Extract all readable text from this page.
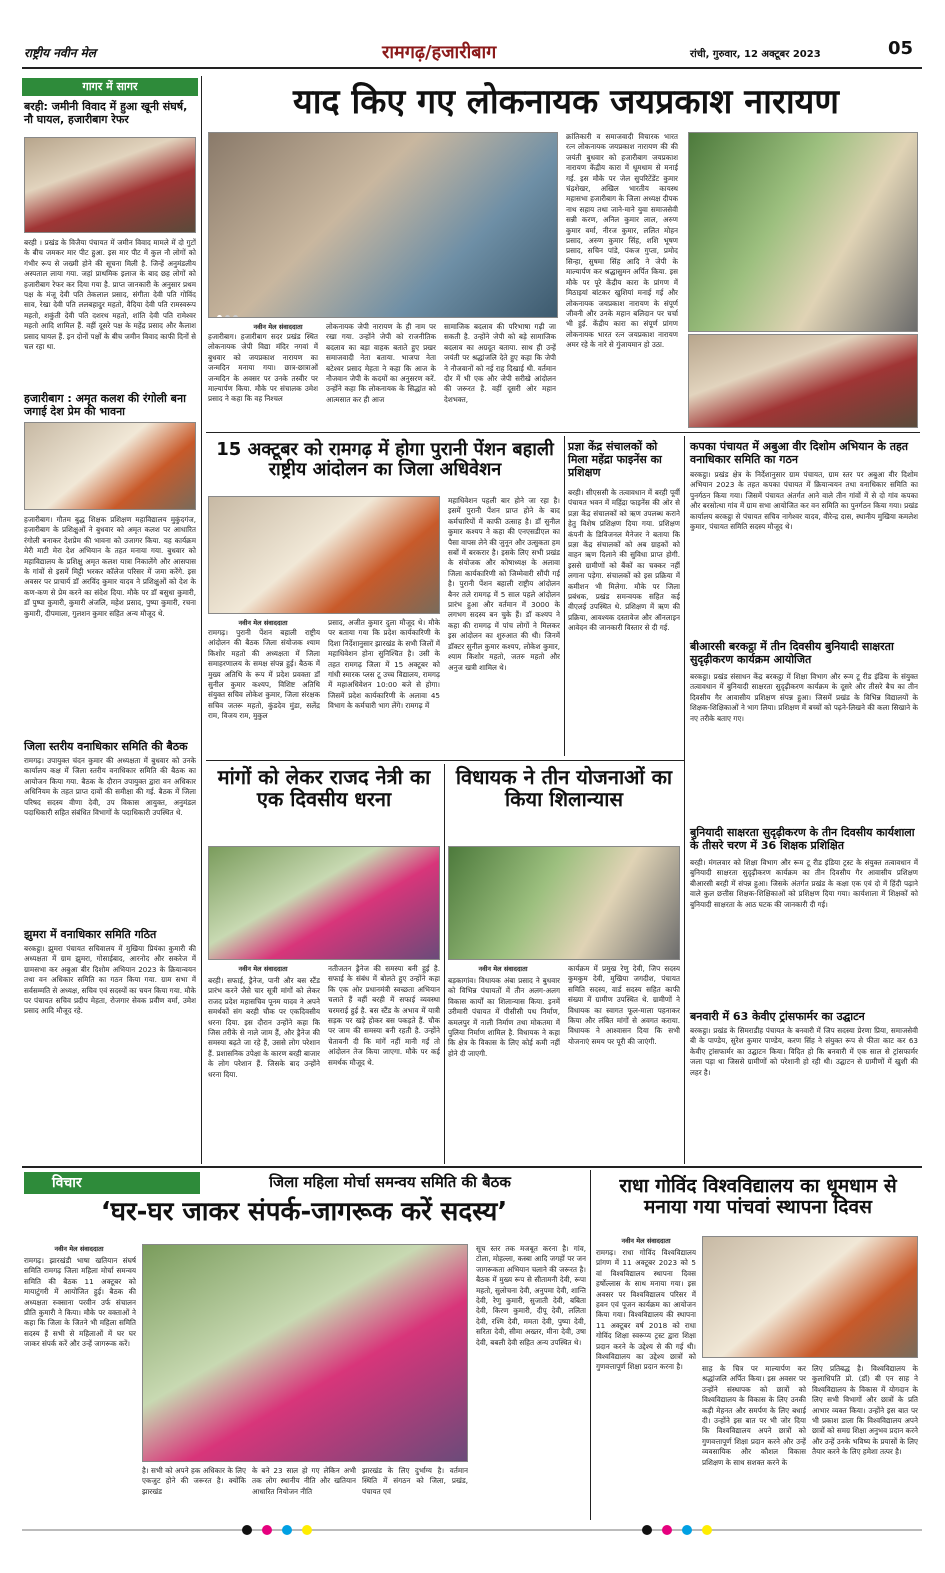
राष्ट्रीय नवीन मेल	रामगढ़/हजारीबाग	रांची, गुरुवार, 12 अक्टूबर 2023	05
गागर में सागर
बरही: जमीनी विवाद में हुआ खूनी संघर्ष, नौ घायल, हजारीबाग रेफर
बरही । प्रखंड के विजैया पंचायत में जमीन विवाद मामले में दो गुटों के बीच जमकर मार पीट हुआ. इस मार पीट में कुल नौ लोगों को गंभीर रूप से जख्मी होने की सूचना मिली है. जिन्हें अनुमंडलीय अस्पताल लाया गया. जहां प्राथमिक इलाज के बाद छह लोगों को हजारीबाग रेफर कर दिया गया है. प्राप्त जानकारी के अनुसार प्रथम पक्ष के मंजू देवी पति तेकलाल प्रसाद, संगीता देवी पति गोविंद साव, रेखा देवी पति ललबहादुर महतो, वैदिया देवी पति रामस्वरूप महतो, शकुंती देवी पति दशरथ महतो, शांति देवी पति रामेश्वर महतो आदि शामिल हैं. वहीं दूसरे पक्ष के महेंद्र प्रसाद और कैलाश प्रसाद घायल हैं. इन दोनों पक्षों के बीच जमीन विवाद काफी दिनों से चल रहा था.
हजारीबाग : अमृत कलश की रंगोली बना जगाई देश प्रेम की भावना
हजारीबाग। गौतम बुद्ध शिक्षक प्रशिक्षण महाविद्यालय मुकुंदगंज, हजारीबाग के प्रशिक्षुओं ने बुधवार को अमृत कलश पर आधारित रंगोली बनाकर देशप्रेम की भावना को उजागर किया. यह कार्यक्रम मेरी माटी मेरा देश अभियान के तहत मनाया गया. बुधवार को महाविद्यालय के प्रशिक्षु अमृत कलश यात्रा निकालेंगे और आसपास के गांवों से इसमें मिट्टी भरकर कॉलेज परिसर में जमा करेंगे. इस अवसर पर प्राचार्य डॉ अरविंद कुमार यादव ने प्रशिक्षुओं को देश के कण-कण से प्रेम करने का संदेश दिया. मौके पर डॉ बसुधा कुमारी, डॉ पुष्पा कुमारी, कुमारी अंजलि, महेश प्रसाद, पुष्पा कुमारी, रचना कुमारी, दीपमाला, गुलशन कुमार सहित अन्य मौजूद थे.
जिला स्तरीय वनाधिकार समिति की बैठक
रामगढ़। उपायुक्त चंदन कुमार की अध्यक्षता में बुधवार को उनके कार्यालय कक्ष में जिला स्तरीय वनाधिकार समिति की बैठक का आयोजन किया गया. बैठक के दौरान उपायुक्त द्वारा वन अधिकार अधिनियम के तहत प्राप्त दावों की समीक्षा की गई. बैठक में जिला परिषद सदस्य वीणा देवी, उप विकास आयुक्त, अनुमंडल पदाधिकारी सहित संबंधित विभागों के पदाधिकारी उपस्थित थे.
झुमरा में वनाधिकार समिति गठित
बरकट्ठा। झुमरा पंचायत सचिवालय में मुखिया प्रियंका कुमारी की अध्यक्षता में ग्राम झुमरा, गोसाईबाद, आरनोद और सकरेज में ग्रामसभा कर अबुआ बीर दिशोम अभियान 2023 के क्रियान्वयन तथा वन अधिकार समिति का गठन किया गया. ग्राम सभा में सर्वसम्मति से अध्यक्ष, सचिव एवं सदस्यों का चयन किया गया. मौके पर पंचायत सचिव प्रदीप मेहता, रोजगार सेवक प्रवीण वर्मा, उमेश प्रसाद आदि मौजूद रहे.
याद किए गए लोकनायक जयप्रकाश नारायण
नवीन मेल संवाददाता
हजारीबाग। हजारीबाग सदर प्रखंड स्थित लोकनायक जेपी विद्या मंदिर नगवां में बुधवार को जयप्रकाश नारायण का जन्मदिन मनाया गया। छात्र-छात्राओं जन्मदिन के अवसर पर उनके तस्वीर पर माल्यार्पण किया. मौके पर संचालक उमेश प्रसाद ने कहा कि वह निश्चल
लोकनायक जेपी नारायण के ही नाम पर रखा गया. उन्होंने जेपी को राजनीतिक बदलाव का बड़ा वाहक बताते हुए प्रखर समाजवादी नेता बताया. भाजपा नेता बटेश्वर प्रसाद मेहता ने कहा कि आज के नौजवान जेपी के कदमों का अनुसरण करें. उन्होंने कहा कि लोकनायक के सिद्धांत को आत्मसात कर ही आज
सामाजिक बदलाव की परिभाषा गढ़ी जा सकती है. उन्होंने जेपी को बड़े सामाजिक बदलाव का अग्रदूत बताया. साथ ही उन्हें जयंती पर श्रद्धांजलि देते हुए कहा कि जेपी ने नौजवानों को नई राह दिखाई थी. वर्तमान दौर में भी एक और जेपी सरीखे आंदोलन की जरूरत है. वहीं दूसरी ओर महान देशभक्त,
क्रांतिकारी व समाजवादी विचारक भारत रत्न लोकनायक जयप्रकाश नारायण की की जयंती बुधवार को हजारीबाग जयप्रकाश नारायण केंद्रीय कारा में धूमधाम से मनाई गई. इस मौके पर जेल सुपरिटेंडेंट कुमार चंद्रशेखर, अखिल भारतीय कायस्थ महासभा हजारीबाग के जिला अध्यक्ष दीपक नाथ सहाय तथा जाने-माने युवा समाजसेवी सन्नी करण, अनिल कुमार लाल, अरुण कुमार वर्मा, नीरज कुमार, ललित मोहन प्रसाद, अरुण कुमार सिंह, शशि भूषण प्रसाद, सचिन पांडे, पंकज गुप्ता, प्रमोद सिन्हा, सुषमा सिंह आदि ने जेपी के माल्यार्पण कर श्रद्धासुमन अर्पित किया. इस मौके पर पूरे केंद्रीय कारा के प्रांगण में मिठाइयां बांटकर खुशियां मनाई गई और लोकनायक जयप्रकाश नारायण के संपूर्ण जीवनी और उनके महान बलिदान पर चर्चा भी हुई. केंद्रीय कारा का संपूर्ण प्रांगण लोकनायक भारत रत्न जयप्रकाश नारायण अमर रहे के नारे से गुंजायमान हो उठा.
15 अक्टूबर को रामगढ़ में होगा पुरानी पेंशन बहाली राष्ट्रीय आंदोलन का जिला अधिवेशन
नवीन मेल संवाददाता
रामगढ़। पुरानी पेंशन बहाली राष्ट्रीय आंदोलन की बैठक जिला संयोजक श्याम किशोर महतो की अध्यक्षता में जिला समाहरणालय के समक्ष संपन्न हुई। बैठक में मुख्य अतिथि के रूप में प्रदेश प्रवक्ता डॉ सुनील कुमार कश्यप, विशिष्ट अतिथि संयुक्त सचिव लोकेश कुमार, जिला संरक्षक सचिव जतरू महतो, कुंडदेव मुंडा, सलेंद्र राम, विजय राम, मुकुल
प्रसाद, अजीत कुमार दुला मौजूद थे। मौके पर बताया गया कि प्रदेश कार्यकारिणी के दिशा निर्देशानुसार झारखंड के सभी जिलों में महाधिवेशन होना सुनिश्चित है। उसी के तहत रामगढ़ जिला में 15 अक्टूबर को गांधी स्मारक प्लस टू उच्च विद्यालय, रामगढ़ में महाअधिवेशन 10:00 बजे से होगा। जिसमें प्रदेश कार्यकारिणी के अलावा 45 विभाग के कर्मचारी भाग लेंगे। रामगढ़ में
महाधिवेशन पहली बार होने जा रहा है। इसमें पुरानी पेंशन प्राप्त होने के बाद कर्मचारियों में काफी उत्साह है। डॉ सुनील कुमार कश्यप ने कहा की एनएसडीएल का पैसा वापस लेने की जुनून और उत्सुकता हम सबों में बरकरार है। इसके लिए सभी प्रखंड के संयोजक और कोषाध्यक्ष के अलावा जिला कार्यकारिणी को जिम्मेवारी सौंपी गई है। पुरानी पेंशन बहाली राष्ट्रीय आंदोलन बैनर तले रामगढ़ में 5 साल पहले आंदोलन प्रारंभ हुआ और वर्तमान में 3000 के लगभग सदस्य बन चुके हैं। डॉ कश्यप ने कहा की रामगढ़ में पांच लोगों ने मिलकर इस आंदोलन का शुरुआत की थी। जिनमें डॉक्टर सुनील कुमार कश्यप, लोकेश कुमार, श्याम किशोर महतो, जतरु महतो और अनुज खत्री शामिल थे।
प्रज्ञा केंद्र संचालकों को मिला महेंद्रा फाइनेंस का प्रशिक्षण
बरही। सीएससी के तत्वावधान में बरही पूर्वी पंचायत भवन में महिंद्रा फाइनेंस की ओर से प्रज्ञा केंद्र संचालकों को ऋण उपलब्ध कराने हेतु विशेष प्रशिक्षण दिया गया. प्रशिक्षण कंपनी के डिविजनल मैनेजर ने बताया कि प्रज्ञा केंद्र संचालकों को अब ग्राहकों को वाहन ऋण दिलाने की सुविधा प्राप्त होगी. इससे ग्रामीणों को बैंकों का चक्कर नहीं लगाना पड़ेगा. संचालकों को इस प्रक्रिया में कमीशन भी मिलेगा. मौके पर जिला प्रबंधक, प्रखंड समन्वयक सहित कई वीएलई उपस्थित थे. प्रशिक्षण में ऋण की प्रक्रिया, आवश्यक दस्तावेज और ऑनलाइन आवेदन की जानकारी विस्तार से दी गई.
मांगों को लेकर राजद नेत्री का एक दिवसीय धरना
नवीन मेल संवाददाता
बरही। सफाई, ड्रैनेज, पानी और बस स्टैंड प्रारंभ करने जैसे चार सूत्री मांगों को लेकर राजद प्रदेश महासचिव पूनम यादव ने अपने समर्थकों संग बरही चौक पर एकदिवसीय धरना दिया. इस दौरान उन्होंने कहा कि जिस तरीके से नाले जाम हैं, और ड्रैनेज की समस्या बढ़ते जा रहे हैं, उससे लोग परेशान हैं. प्रशासनिक उपेक्षा के कारण बरही बाजार के लोग परेशान हैं. जिसके बाद उन्होंने धरना दिया.
नतीजतन ड्रैनेज की समस्या बनी हुई है. सफाई के संबंध में बोलते हुए उन्होंने कहा कि एक ओर प्रधानमंत्री स्वच्छता अभियान चलाते हैं वहीं बरही में सफाई व्यवस्था चरमराई हुई है. बस स्टैंड के अभाव में यात्री सड़क पर खड़े होकर बस पकड़ते हैं. चौक पर जाम की समस्या बनी रहती है. उन्होंने चेतावनी दी कि मांगें नहीं मानी गईं तो आंदोलन तेज किया जाएगा. मौके पर कई समर्थक मौजूद थे.
विधायक ने तीन योजनाओं का किया शिलान्यास
नवीन मेल संवाददाता
बड़कागांव। विधायक अंबा प्रसाद ने बुधवार को विभिन्न पंचायतों में तीन अलग-अलग विकास कार्यों का शिलान्यास किया. इनमें उरीमारी पंचायत में पीसीसी पथ निर्माण, कमलपुर में नाली निर्माण तथा मोकतमा में पुलिया निर्माण शामिल है. विधायक ने कहा कि क्षेत्र के विकास के लिए कोई कमी नहीं होने दी जाएगी.
कार्यक्रम में प्रमुख रेणु देवी, जिप सदस्य कुमकुम देवी, मुखिया जगदीश, पंचायत समिति सदस्य, वार्ड सदस्य सहित काफी संख्या में ग्रामीण उपस्थित थे. ग्रामीणों ने विधायक का स्वागत फूल-माला पहनाकर किया और लंबित मांगों से अवगत कराया. विधायक ने आश्वासन दिया कि सभी योजनाएं समय पर पूरी की जाएंगी.
कपका पंचायत में अबुआ वीर दिशोम अभियान के तहत वनाधिकार समिति का गठन
बरकट्ठा। प्रखंड क्षेत्र के निर्देशानुसार ग्राम पंचायत, ग्राम स्तर पर अबुआ वीर दिशोम अभियान 2023 के तहत कपका पंचायत में क्रियान्वयन तथा वनाधिकार समिति का पुनर्गठन किया गया। जिसमें पंचायत अंतर्गत आने वाले तीन गांवों में से दो गांव कपका और बरसोत्था गांव में ग्राम सभा आयोजित कर वन समिति का पुनर्गठन किया गया। प्रखंड कार्यालय बरकट्ठा से पंचायत सचिव नागेश्वर यादव, वीरेन्द्र दास, स्थानीय मुखिया कमलेश कुमार, पंचायत समिति सदस्य मौजूद थे।
बीआरसी बरकट्ठा में तीन दिवसीय बुनियादी साक्षरता सुदृढ़ीकरण कार्यक्रम आयोजित
बरकट्ठा। प्रखंड संसाधन केंद्र बरकट्ठा में शिक्षा विभाग और रूम टू रीड इंडिया के संयुक्त तत्वावधान में बुनियादी साक्षरता सुदृढ़ीकरण कार्यक्रम के दूसरे और तीसरे बैच का तीन दिवसीय गैर आवासीय प्रशिक्षण संपन्न हुआ। जिसमें प्रखंड के विभिन्न विद्यालयों के शिक्षक-शिक्षिकाओं ने भाग लिया। प्रशिक्षण में बच्चों को पढ़ने-लिखने की कला सिखाने के नए तरीके बताए गए।
बुनियादी साक्षरता सुदृढ़ीकरण के तीन दिवसीय कार्यशाला के तीसरे चरण में 36 शिक्षक प्रशिक्षित
बरही। मंगलवार को शिक्षा विभाग और रूम टू रीड इंडिया ट्रस्ट के संयुक्त तत्वावधान में बुनियादी साक्षरता सुदृढ़ीकरण कार्यक्रम का तीन दिवसीय गैर आवासीय प्रशिक्षण बीआरसी बरही में संपन्न हुआ। जिसके अंतर्गत प्रखंड के कक्षा एक एवं दो में हिंदी पढ़ाने वाले कुल छत्तीस शिक्षक-शिक्षिकाओं को प्रशिक्षण दिया गया। कार्यशाला में शिक्षकों को बुनियादी साक्षरता के आठ घटक की जानकारी दी गई।
बनवारी में 63 केवीए ट्रांसफार्मर का उद्घाटन
बरकट्ठा। प्रखंड के सिमराडीह पंचायत के बनवारी में जिप सदस्या प्रेरणा प्रिया, समाजसेवी बी के पाण्डेय, सुरेश कुमार पाण्डेय, करण सिंह ने संयुक्त रूप से फीता काट कर 63 केवीए ट्रांसफार्मर का उद्घाटन किया। विदित हो कि बनवारी में एक साल से ट्रांसफार्मर जला पड़ा था जिससे ग्रामीणों को परेशानी हो रही थी। उद्घाटन से ग्रामीणों में खुशी की लहर है।
विचार	जिला महिला मोर्चा समन्वय समिति की बैठक
‘घर-घर जाकर संपर्क-जागरूक करें सदस्य’
नवीन मेल संवाददाता
रामगढ़। झारखंडी भाषा खतियान संघर्ष समिति रामगढ़ जिला महिला मोर्चा समन्वय समिति की बैठक 11 अक्टूबर को मायाटुंगरी में आयोजित हुई। बैठक की अध्यक्षता रुक्साना परवीन उर्फ संचालन प्रीति कुमारी ने किया। मौके पर वक्ताओं ने कहा कि जिला के जितने भी महिला समिति सदस्य हैं सभी से महिलाओं में घर घर जाकर संपर्क करें और उन्हें जागरूक करें।
सूच स्तर तक मजबूत करना है। गांव, टोला, मोहल्ला, कस्बा आदि जगहों पर जन जागरूकता अभियान चलाने की जरूरत है। बैठक में मुख्य रूप से सीतामनी देवी, रूपा महतो, सुलोचना देवी, अनुपमा देवी, शान्ति देवी, रेणु कुमारी, सुजाती देवी, बबिता देवी, किरण कुमारी, दीपू देवी, ललिता देवी, रश्मि देवी, ममता देवी, पुष्पा देवी, सरिता देवी, सीमा अख्तर, मीना देवी, उषा देवी, बबली देवी सहित अन्य उपस्थित थे।
है। सभी को अपने हक अधिकार के लिए एकजुट होने की जरूरत है। क्योंकि झारखंड
के बने 23 साल हो गए लेकिन अभी तक लोग स्थानीय नीति और खतियान आधारित नियोजन नीति
झारखंड के लिए दुर्भाग्य है। वर्तमान स्थिति में संगठन को जिला, प्रखंड, पंचायत एवं
राधा गोविंद विश्वविद्यालय का धूमधाम से मनाया गया पांचवां स्थापना दिवस
नवीन मेल संवाददाता
रामगढ़। राधा गोविंद विश्वविद्यालय प्रांगण में 11 अक्टूबर 2023 को 5 वां विश्वविद्यालय स्थापना दिवस हर्षोल्लास के साथ मनाया गया। इस अवसर पर विश्वविद्यालय परिसर में हवन एवं पूजन कार्यक्रम का आयोजन किया गया। विश्वविद्यालय की स्थापना 11 अक्टूबर वर्ष 2018 को राधा गोविंद शिक्षा स्वरूप्य ट्रस्ट द्वारा शिक्षा प्रदान करने के उद्देश्य से की गई थी। विश्वविद्यालय का उद्देश्य छात्रों को गुणवत्तापूर्ण शिक्षा प्रदान करना है।	साह के चित्र पर माल्यार्पण कर श्रद्धांजलि अर्पित किया। इस अवसर पर उन्होंने संस्थापक को छात्रों को विश्वविद्यालय के विकास के लिए उनकी कड़ी मेहनत और समर्पण के लिए बधाई दी। उन्होंने इस बात पर भी जोर दिया कि विश्वविद्यालय अपने छात्रों को गुणवत्तापूर्ण शिक्षा प्रदान करने और उन्हें व्यवसायिक और कौशल विकास प्रशिक्षण के साथ सशक्त करने के
लिए प्रतिबद्ध है। विश्वविद्यालय के कुलाधिपति प्रो. (डॉ) बी एन साह ने विश्वविद्यालय के विकास में योगदान के लिए सभी विभागों और छात्रों के प्रति आभार व्यक्त किया। उन्होंने इस बात पर भी प्रकाश डाला कि विश्वविद्यालय अपने छात्रों को समग्र शिक्षा अनुभव प्रदान करने और उन्हें उनके भविष्य के प्रयासों के लिए तैयार करने के लिए हमेशा तत्पर है।
